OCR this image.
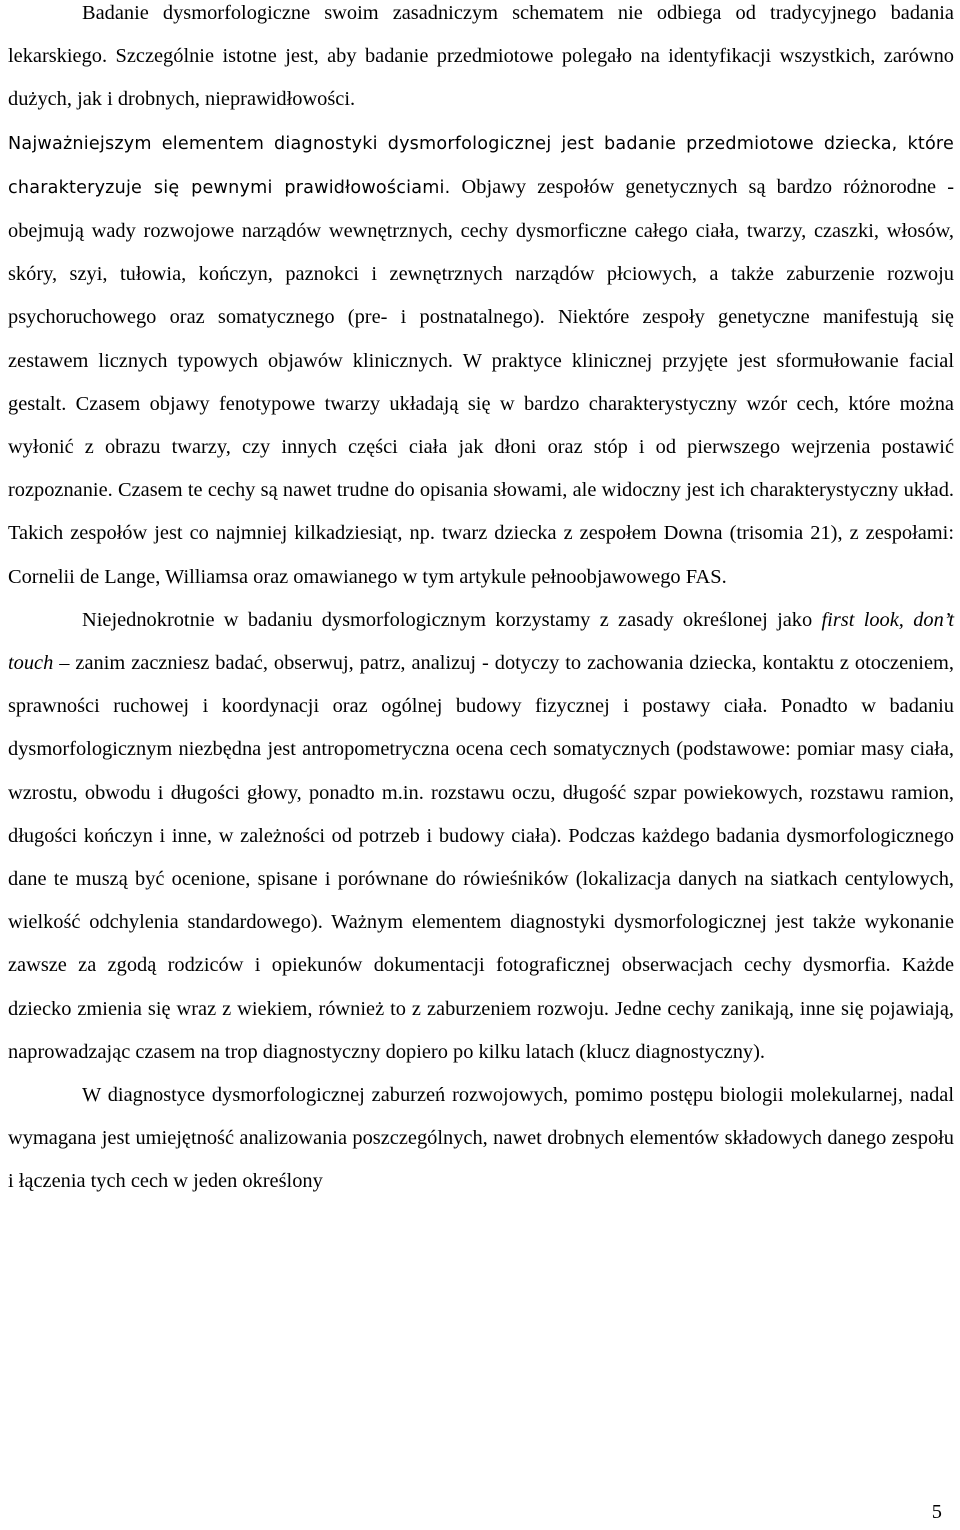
Badanie dysmorfologiczne swoim zasadniczym schematem nie odbiega od tradycyjnego badania lekarskiego. Szczególnie istotne jest, aby badanie przedmiotowe polegało na identyfikacji wszystkich, zarówno dużych, jak i drobnych, nieprawidłowości.

Najważniejszym elementem diagnostyki dysmorfologicznej jest badanie przedmiotowe dziecka, które charakteryzuje się pewnymi prawidłowościami. Objawy zespołów genetycznych są bardzo różnorodne - obejmują wady rozwojowe narządów wewnętrznych, cechy dysmorficzne całego ciała, twarzy, czaszki, włosów, skóry, szyi, tułowia, kończyn, paznokci i zewnętrznych narządów płciowych, a także zaburzenie rozwoju psychoruchowego oraz somatycznego (pre- i postnatalnego). Niektóre zespoły genetyczne manifestują się zestawem licznych typowych objawów klinicznych. W praktyce klinicznej przyjęte jest sformułowanie facial gestalt. Czasem objawy fenotypowe twarzy układają się w bardzo charakterystyczny wzór cech, które można wyłonić z obrazu twarzy, czy innych części ciała jak dłoni oraz stóp i od pierwszego wejrzenia postawić rozpoznanie. Czasem te cechy są nawet trudne do opisania słowami, ale widoczny jest ich charakterystyczny układ. Takich zespołów jest co najmniej kilkadziesiąt, np. twarz dziecka z zespołem Downa (trisomia 21), z zespołami: Cornelii de Lange, Williamsa oraz omawianego w tym artykule pełnoobjawowego FAS.

Niejednokrotnie w badaniu dysmorfologicznym korzystamy z zasady określonej jako first look, don’t touch – zanim zaczniesz badać, obserwuj, patrz, analizuj - dotyczy to zachowania dziecka, kontaktu z otoczeniem, sprawności ruchowej i koordynacji oraz ogólnej budowy fizycznej i postawy ciała. Ponadto w badaniu dysmorfologicznym niezbędna jest antropometryczna ocena cech somatycznych (podstawowe: pomiar masy ciała, wzrostu, obwodu i długości głowy, ponadto m.in. rozstawu oczu, długość szpar powiekowych, rozstawu ramion, długości kończyn i inne, w zależności od potrzeb i budowy ciała). Podczas każdego badania dysmorfologicznego dane te muszą być ocenione, spisane i porównane do rówieśników (lokalizacja danych na siatkach centylowych, wielkość odchylenia standardowego). Ważnym elementem diagnostyki dysmorfologicznej jest także wykonanie zawsze za zgodą rodziców i opiekunów dokumentacji fotograficznej obserwacjach cechy dysmorfia. Każde dziecko zmienia się wraz z wiekiem, również to z zaburzeniem rozwoju. Jedne cechy zanikają, inne się pojawiają, naprowadzając czasem na trop diagnostyczny dopiero po kilku latach (klucz diagnostyczny).

W diagnostyce dysmorfologicznej zaburzeń rozwojowych, pomimo postępu biologii molekularnej, nadal wymagana jest umiejętność analizowania poszczególnych, nawet drobnych elementów składowych danego zespołu i łączenia tych cech w jeden określony

5
